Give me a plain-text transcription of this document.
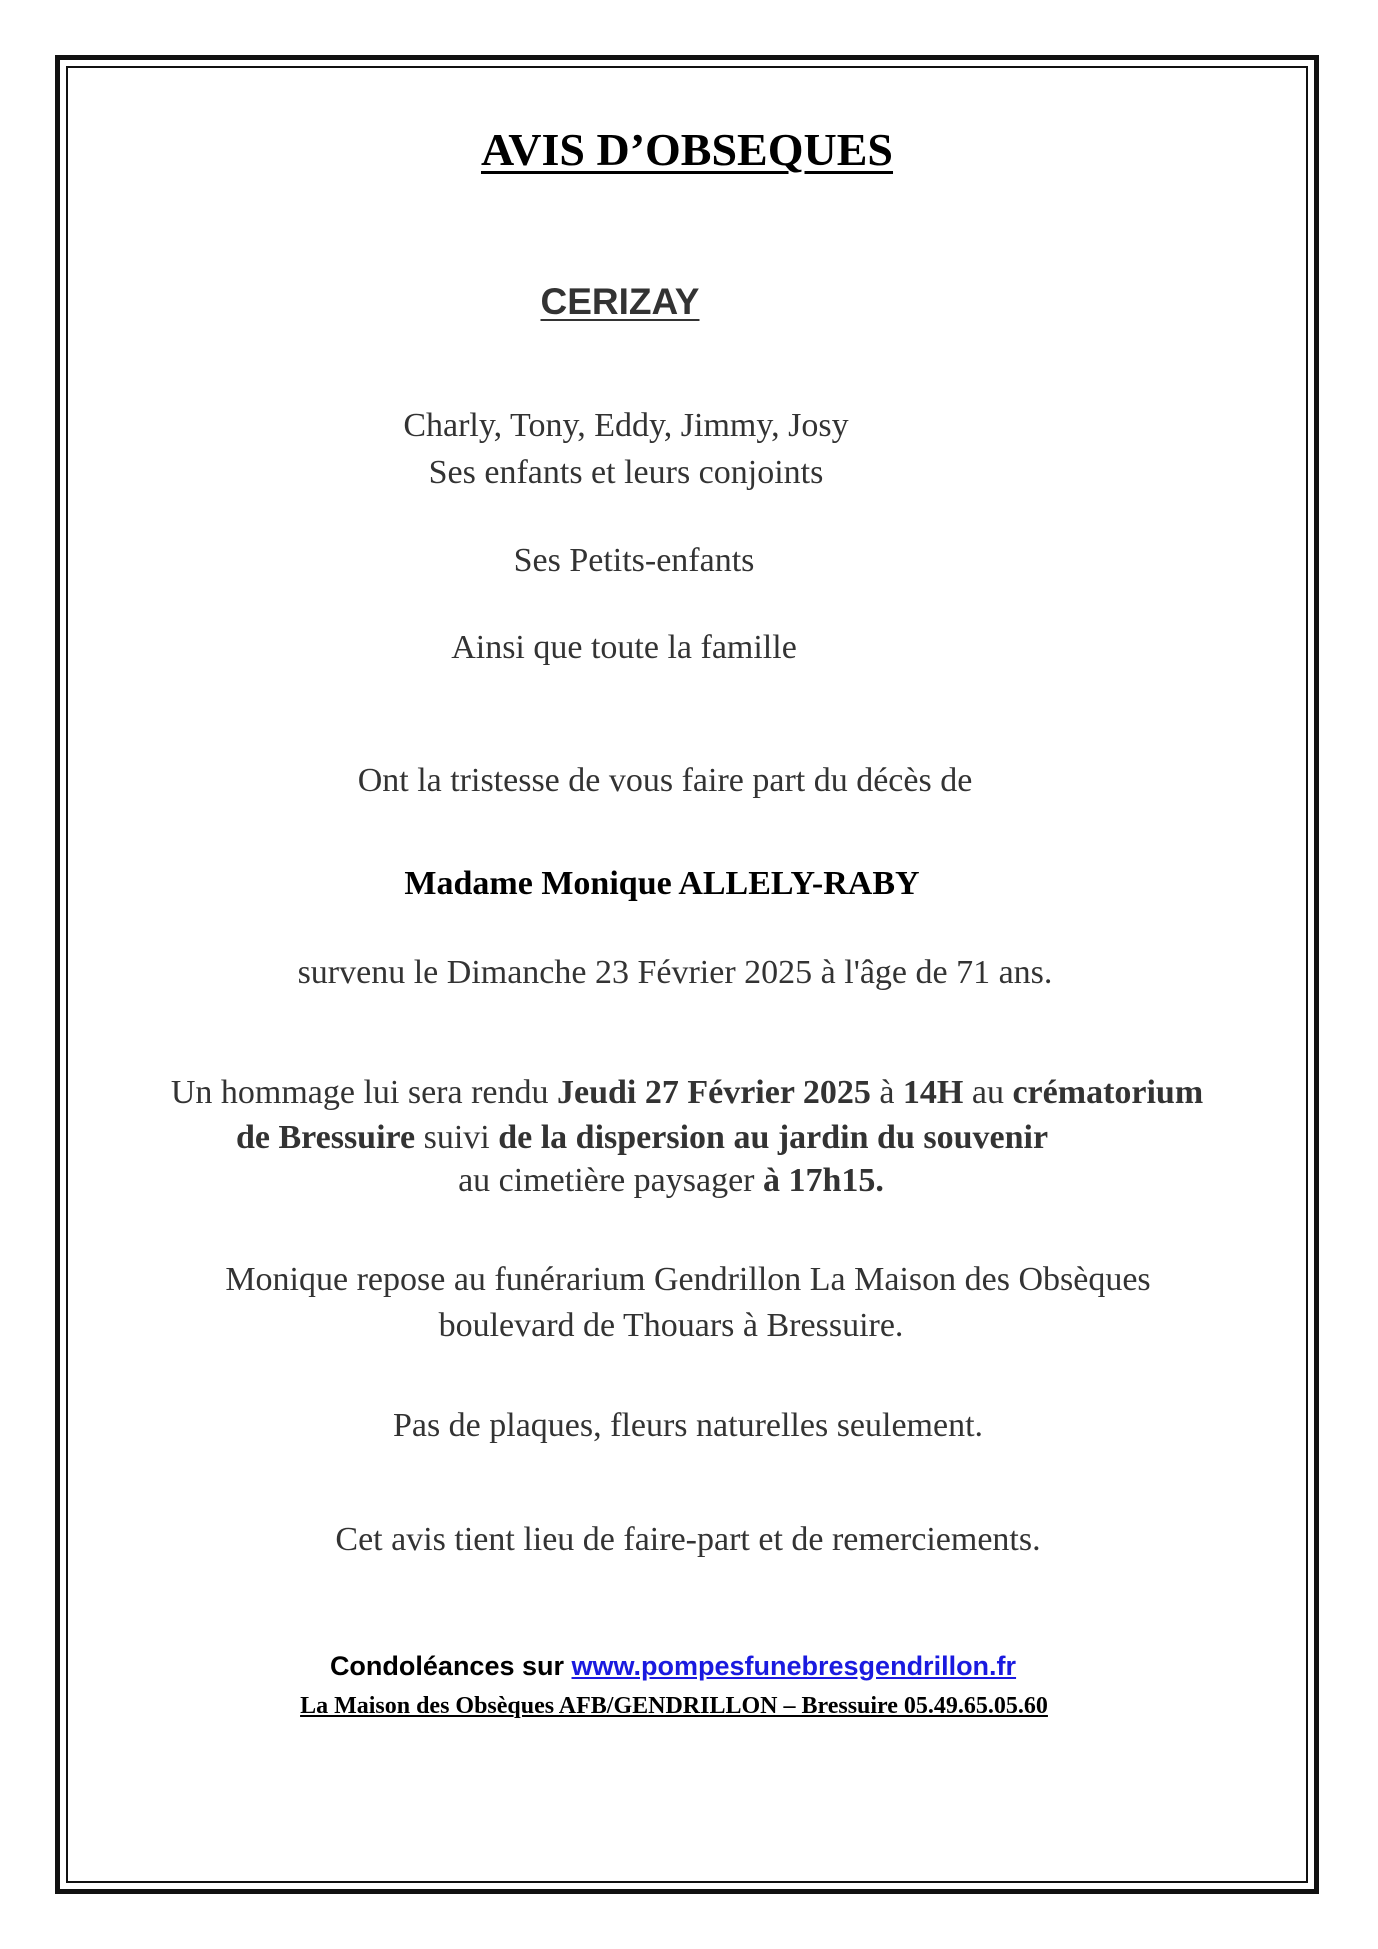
AVIS D’OBSEQUES
CERIZAY
Charly, Tony, Eddy, Jimmy, Josy
Ses enfants et leurs conjoints
Ses Petits-enfants
Ainsi que toute la famille
Ont la tristesse de vous faire part du décès de
Madame Monique ALLELY-RABY
survenu le Dimanche 23 Février 2025 à l'âge de 71 ans.
Un hommage lui sera rendu Jeudi 27 Février 2025 à 14H au crématorium
de Bressuire suivi de la dispersion au jardin du souvenir
au cimetière paysager à 17h15.
Monique repose au funérarium Gendrillon La Maison des Obsèques
boulevard de Thouars à Bressuire.
Pas de plaques, fleurs naturelles seulement.
Cet avis tient lieu de faire-part et de remerciements.
Condoléances sur www.pompesfunebresgendrillon.fr
La Maison des Obsèques AFB/GENDRILLON – Bressuire 05.49.65.05.60
